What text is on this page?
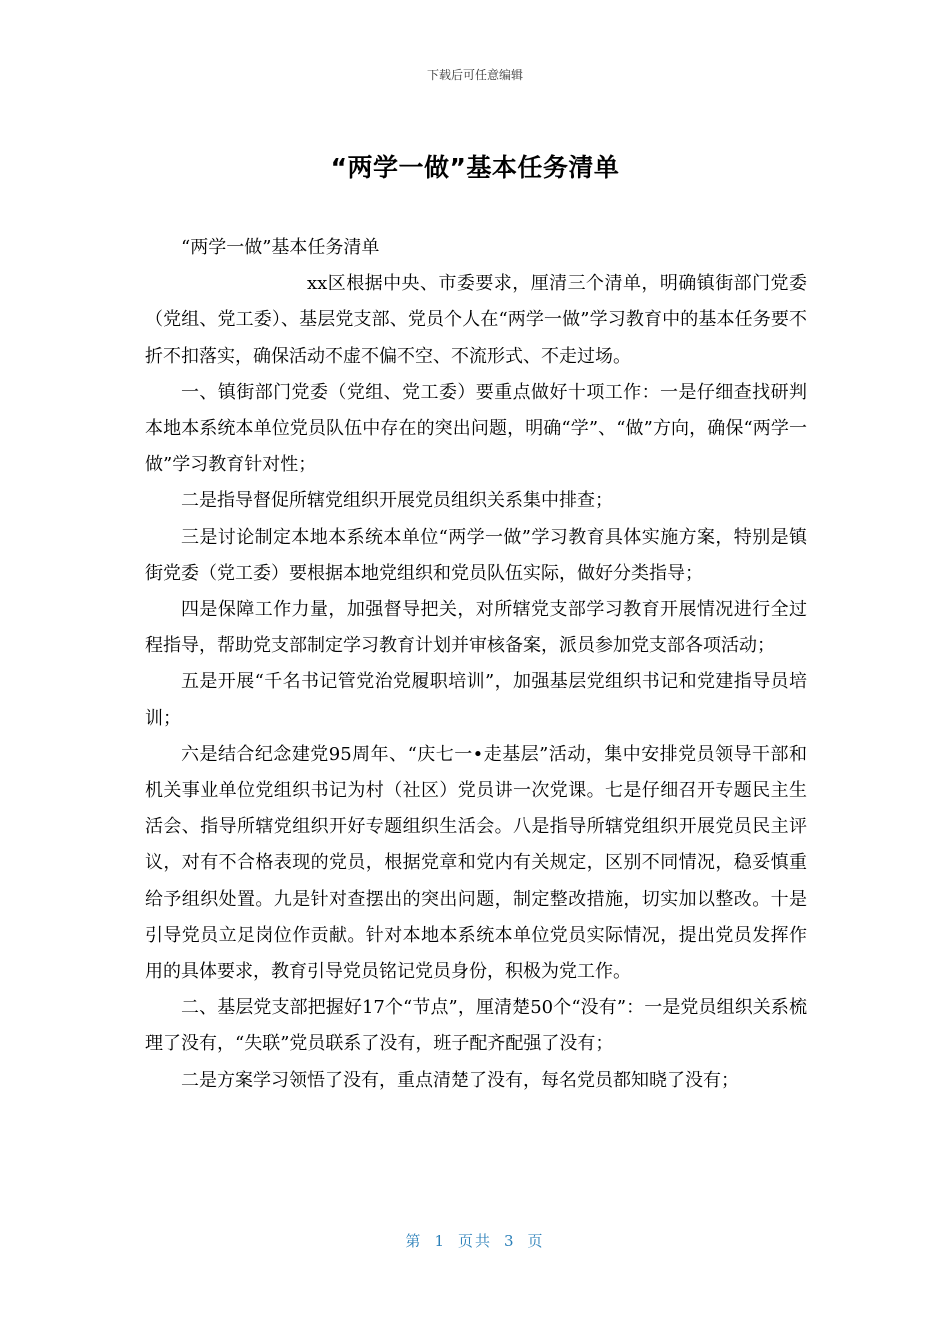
下载后可任意编辑
“两学一做”基本任务清单

“两学一做”基本任务清单

xx区根据中央、市委要求，厘清三个清单，明确镇街部门党委（党组、党工委）、基层党支部、党员个人在“两学一做”学习教育中的基本任务要不折不扣落实，确保活动不虚不偏不空、不流形式、不走过场。

一、镇街部门党委（党组、党工委）要重点做好十项工作：一是仔细查找研判本地本系统本单位党员队伍中存在的突出问题，明确“学”、“做”方向，确保“两学一做”学习教育针对性；

二是指导督促所辖党组织开展党员组织关系集中排查；

三是讨论制定本地本系统本单位“两学一做”学习教育具体实施方案，特别是镇街党委（党工委）要根据本地党组织和党员队伍实际，做好分类指导；

四是保障工作力量，加强督导把关，对所辖党支部学习教育开展情况进行全过程指导，帮助党支部制定学习教育计划并审核备案，派员参加党支部各项活动；

五是开展“千名书记管党治党履职培训”，加强基层党组织书记和党建指导员培训；

六是结合纪念建党95周年、“庆七一•走基层”活动，集中安排党员领导干部和机关事业单位党组织书记为村（社区）党员讲一次党课。七是仔细召开专题民主生活会、指导所辖党组织开好专题组织生活会。八是指导所辖党组织开展党员民主评议，对有不合格表现的党员，根据党章和党内有关规定，区别不同情况，稳妥慎重给予组织处置。九是针对查摆出的突出问题，制定整改措施，切实加以整改。十是引导党员立足岗位作贡献。针对本地本系统本单位党员实际情况，提出党员发挥作用的具体要求，教育引导党员铭记党员身份，积极为党工作。

二、基层党支部把握好17个“节点”，厘清楚50个“没有”：一是党员组织关系梳理了没有，“失联”党员联系了没有，班子配齐配强了没有；

二是方案学习领悟了没有，重点清楚了没有，每名党员都知晓了没有；

第 1 页共 3 页
